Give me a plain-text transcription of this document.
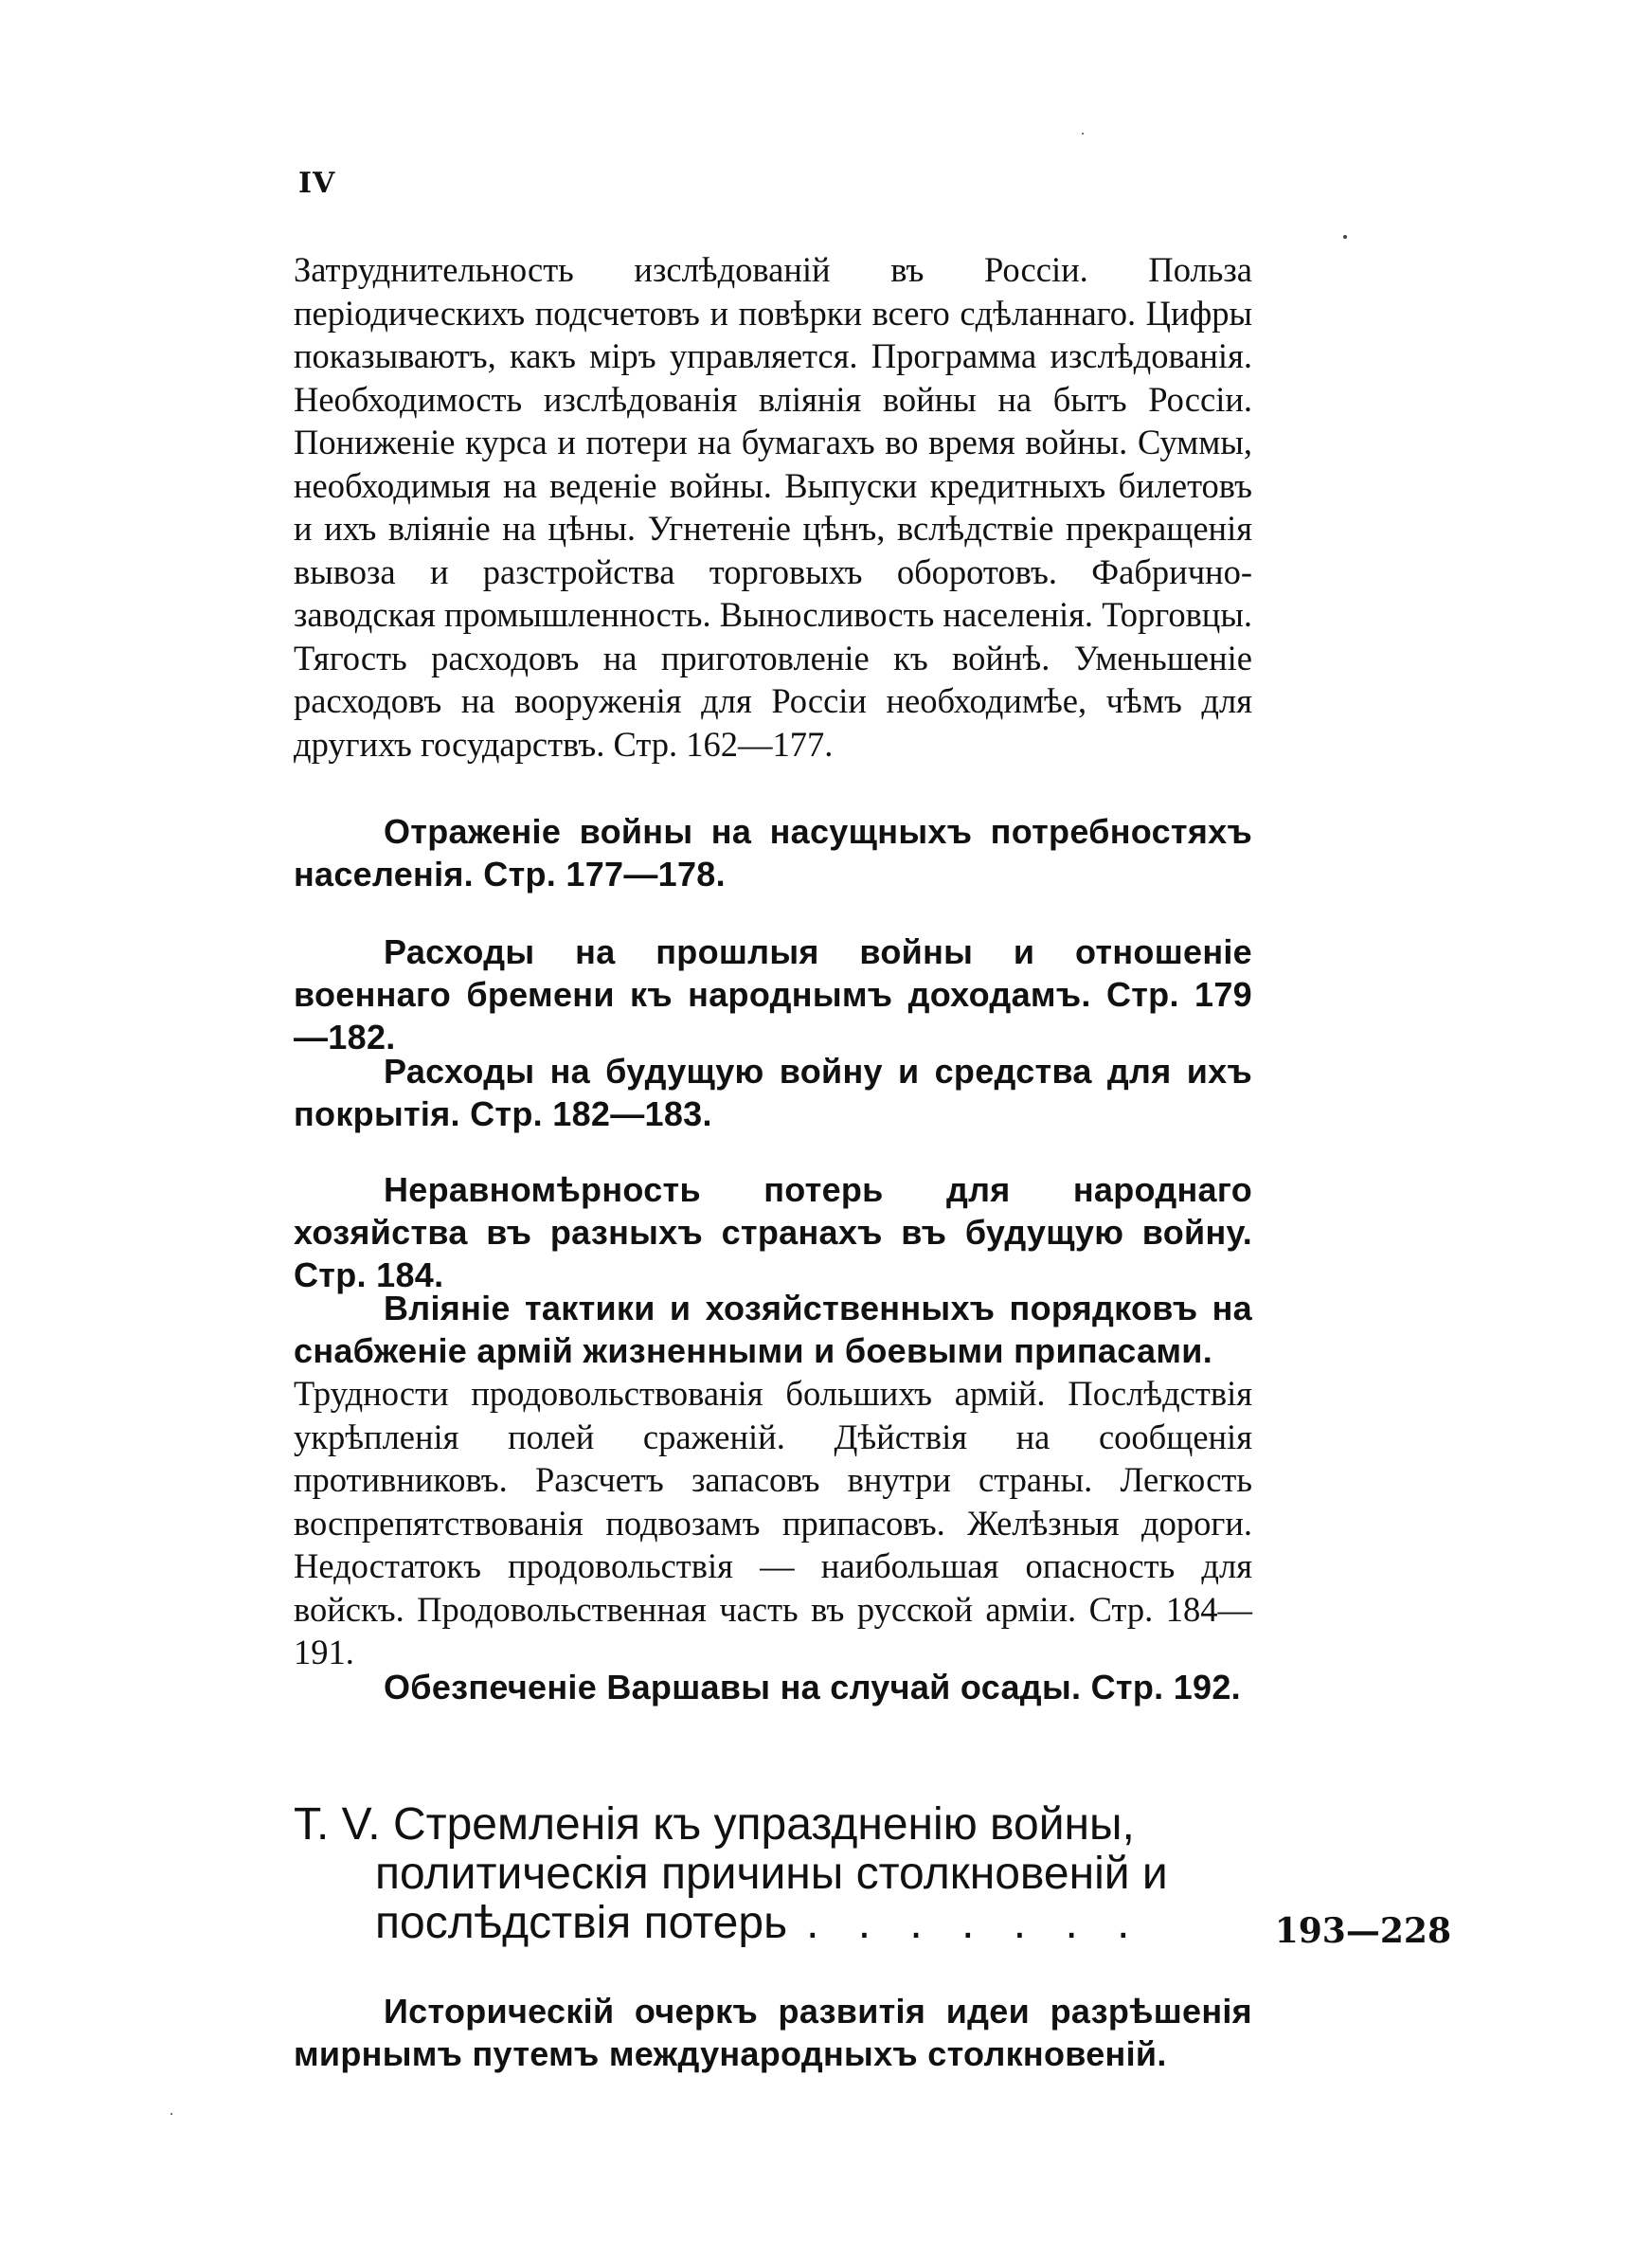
IV

Затруднительность изслѣдованій въ Россіи. Польза періодическихъ подсчетовъ и повѣрки всего сдѣланнаго. Цифры показываютъ, какъ міръ управляется. Программа изслѣдованія. Необходимость изслѣдованія вліянія войны на бытъ Россіи. Пониженіе курса и потери на бумагахъ во время войны. Суммы, необходимыя на веденіе войны. Выпуски кредитныхъ билетовъ и ихъ вліяніе на цѣны. Угнетеніе цѣнъ, вслѣдствіе прекращенія вывоза и разстройства торговыхъ оборотовъ. Фабрично-заводская промышленность. Выносливость населенія. Торговцы. Тягость расходовъ на приготовленіе къ войнѣ. Уменьшеніе расходовъ на вооруженія для Россіи необходимѣе, чѣмъ для другихъ государствъ. Стр. 162—177.

Отраженіе войны на насущныхъ потребностяхъ населенія. Стр. 177—178.

Расходы на прошлыя войны и отношеніе военнаго бремени къ народнымъ доходамъ. Стр. 179—182.

Расходы на будущую войну и средства для ихъ покрытія. Стр. 182—183.

Неравномѣрность потерь для народнаго хозяйства въ разныхъ странахъ въ будущую войну. Стр. 184.

Вліяніе тактики и хозяйственныхъ порядковъ на снабженіе армій жизненными и боевыми припасами.

Трудности продовольствованія большихъ армій. Послѣдствія укрѣпленія полей сраженій. Дѣйствія на сообщенія противниковъ. Разсчетъ запасовъ внутри страны. Легкость воспрепятствованія подвозамъ припасовъ. Желѣзныя дороги. Недостатокъ продовольствія — наибольшая опасность для войскъ. Продовольственная часть въ русской арміи. Стр. 184—191.

Обезпеченіе Варшавы на случай осады. Стр. 192.

Т. V. Стремленія къ упраздненію войны,
политическія причины столкновеній и
послѣдствія потерь . . . . . . .	193—228

Историческій очеркъ развитія идеи разрѣшенія мирнымъ путемъ международныхъ столкновеній.
